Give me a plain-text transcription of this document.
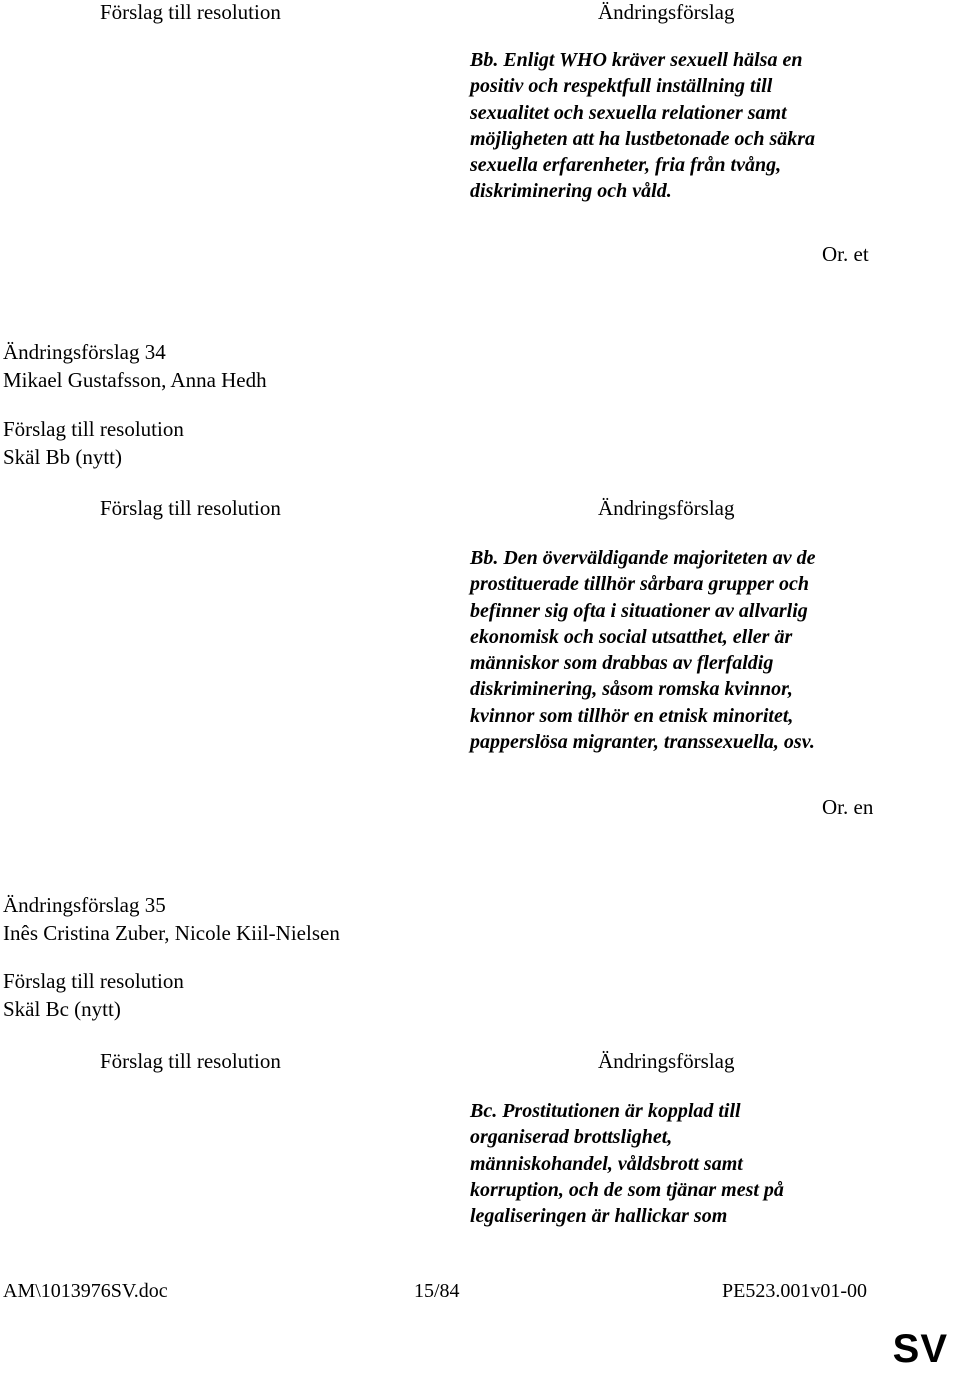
Förslag till resolution	Ändringsförslag
Bb. Enligt WHO kräver sexuell hälsa en
positiv och respektfull inställning till
sexualitet och sexuella relationer samt
möjligheten att ha lustbetonade och säkra
sexuella erfarenheter, fria från tvång,
diskriminering och våld.
Or. et
Ändringsförslag 34
Mikael Gustafsson, Anna Hedh
Förslag till resolution
Skäl Bb (nytt)
Förslag till resolution	Ändringsförslag
Bb. Den överväldigande majoriteten av de
prostituerade tillhör sårbara grupper och
befinner sig ofta i situationer av allvarlig
ekonomisk och social utsatthet, eller är
människor som drabbas av flerfaldig
diskriminering, såsom romska kvinnor,
kvinnor som tillhör en etnisk minoritet,
papperslösa migranter, transsexuella, osv.
Or. en
Ändringsförslag 35
Inês Cristina Zuber, Nicole Kiil-Nielsen
Förslag till resolution
Skäl Bc (nytt)
Förslag till resolution	Ändringsförslag
Bc. Prostitutionen är kopplad till
organiserad brottslighet,
människohandel, våldsbrott samt
korruption, och de som tjänar mest på
legaliseringen är hallickar som
AM\1013976SV.doc	15/84	PE523.001v01-00
SV
